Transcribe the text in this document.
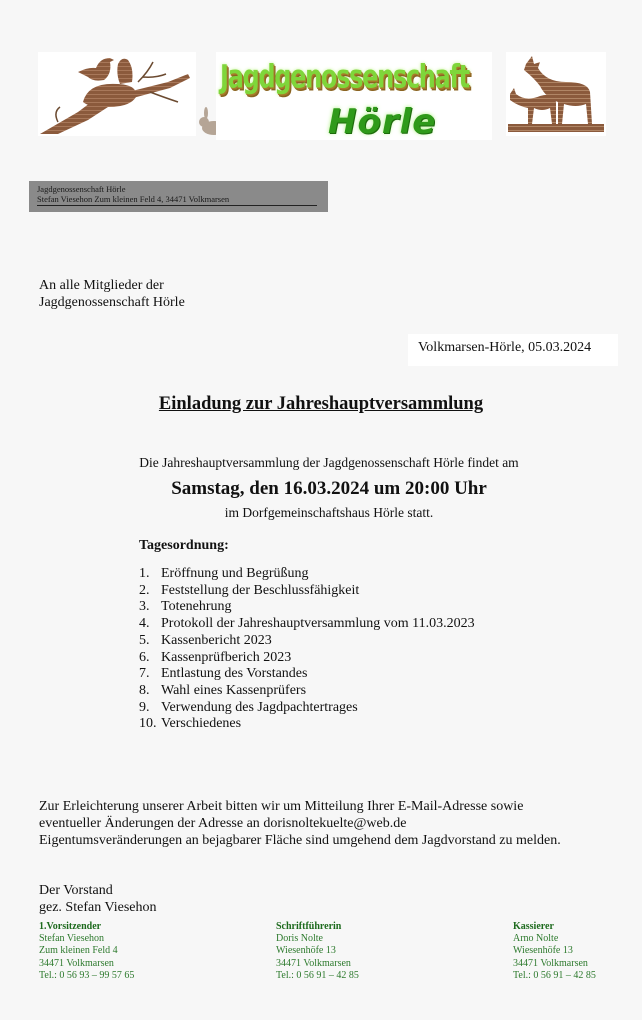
Jagdgenossenschaft
Hörle
Jagdgenossenschaft Hörle
Stefan Viesehon Zum kleinen Feld 4, 34471 Volkmarsen
An alle Mitglieder der
Jagdgenossenschaft Hörle
Volkmarsen-Hörle, 05.03.2024
Einladung zur Jahreshauptversammlung
Die Jahreshauptversammlung der Jagdgenossenschaft Hörle findet am
Samstag, den 16.03.2024 um 20:00 Uhr
im Dorfgemeinschaftshaus Hörle statt.
Tagesordnung:
1. Eröffnung und Begrüßung
2. Feststellung der Beschlussfähigkeit
3. Totenehrung
4. Protokoll der Jahreshauptversammlung vom 11.03.2023
5. Kassenbericht 2023
6. Kassenprüfberich 2023
7. Entlastung des Vorstandes
8. Wahl eines Kassenprüfers
9. Verwendung des Jagdpachtertrages
10. Verschiedenes
Zur Erleichterung unserer Arbeit bitten wir um Mitteilung Ihrer E-Mail-Adresse sowie
eventueller Änderungen der Adresse an dorisnoltekuelte@web.de
Eigentumsveränderungen an bejagbarer Fläche sind umgehend dem Jagdvorstand zu melden.
Der Vorstand
gez. Stefan Viesehon
1.Vorsitzender
Stefan Viesehon
Zum kleinen Feld 4
34471 Volkmarsen
Tel.: 0 56 93 – 99 57 65
Schriftführerin
Doris Nolte
Wiesenhöfe 13
34471 Volkmarsen
Tel.: 0 56 91 – 42 85
Kassierer
Arno Nolte
Wiesenhöfe 13
34471 Volkmarsen
Tel.: 0 56 91 – 42 85
